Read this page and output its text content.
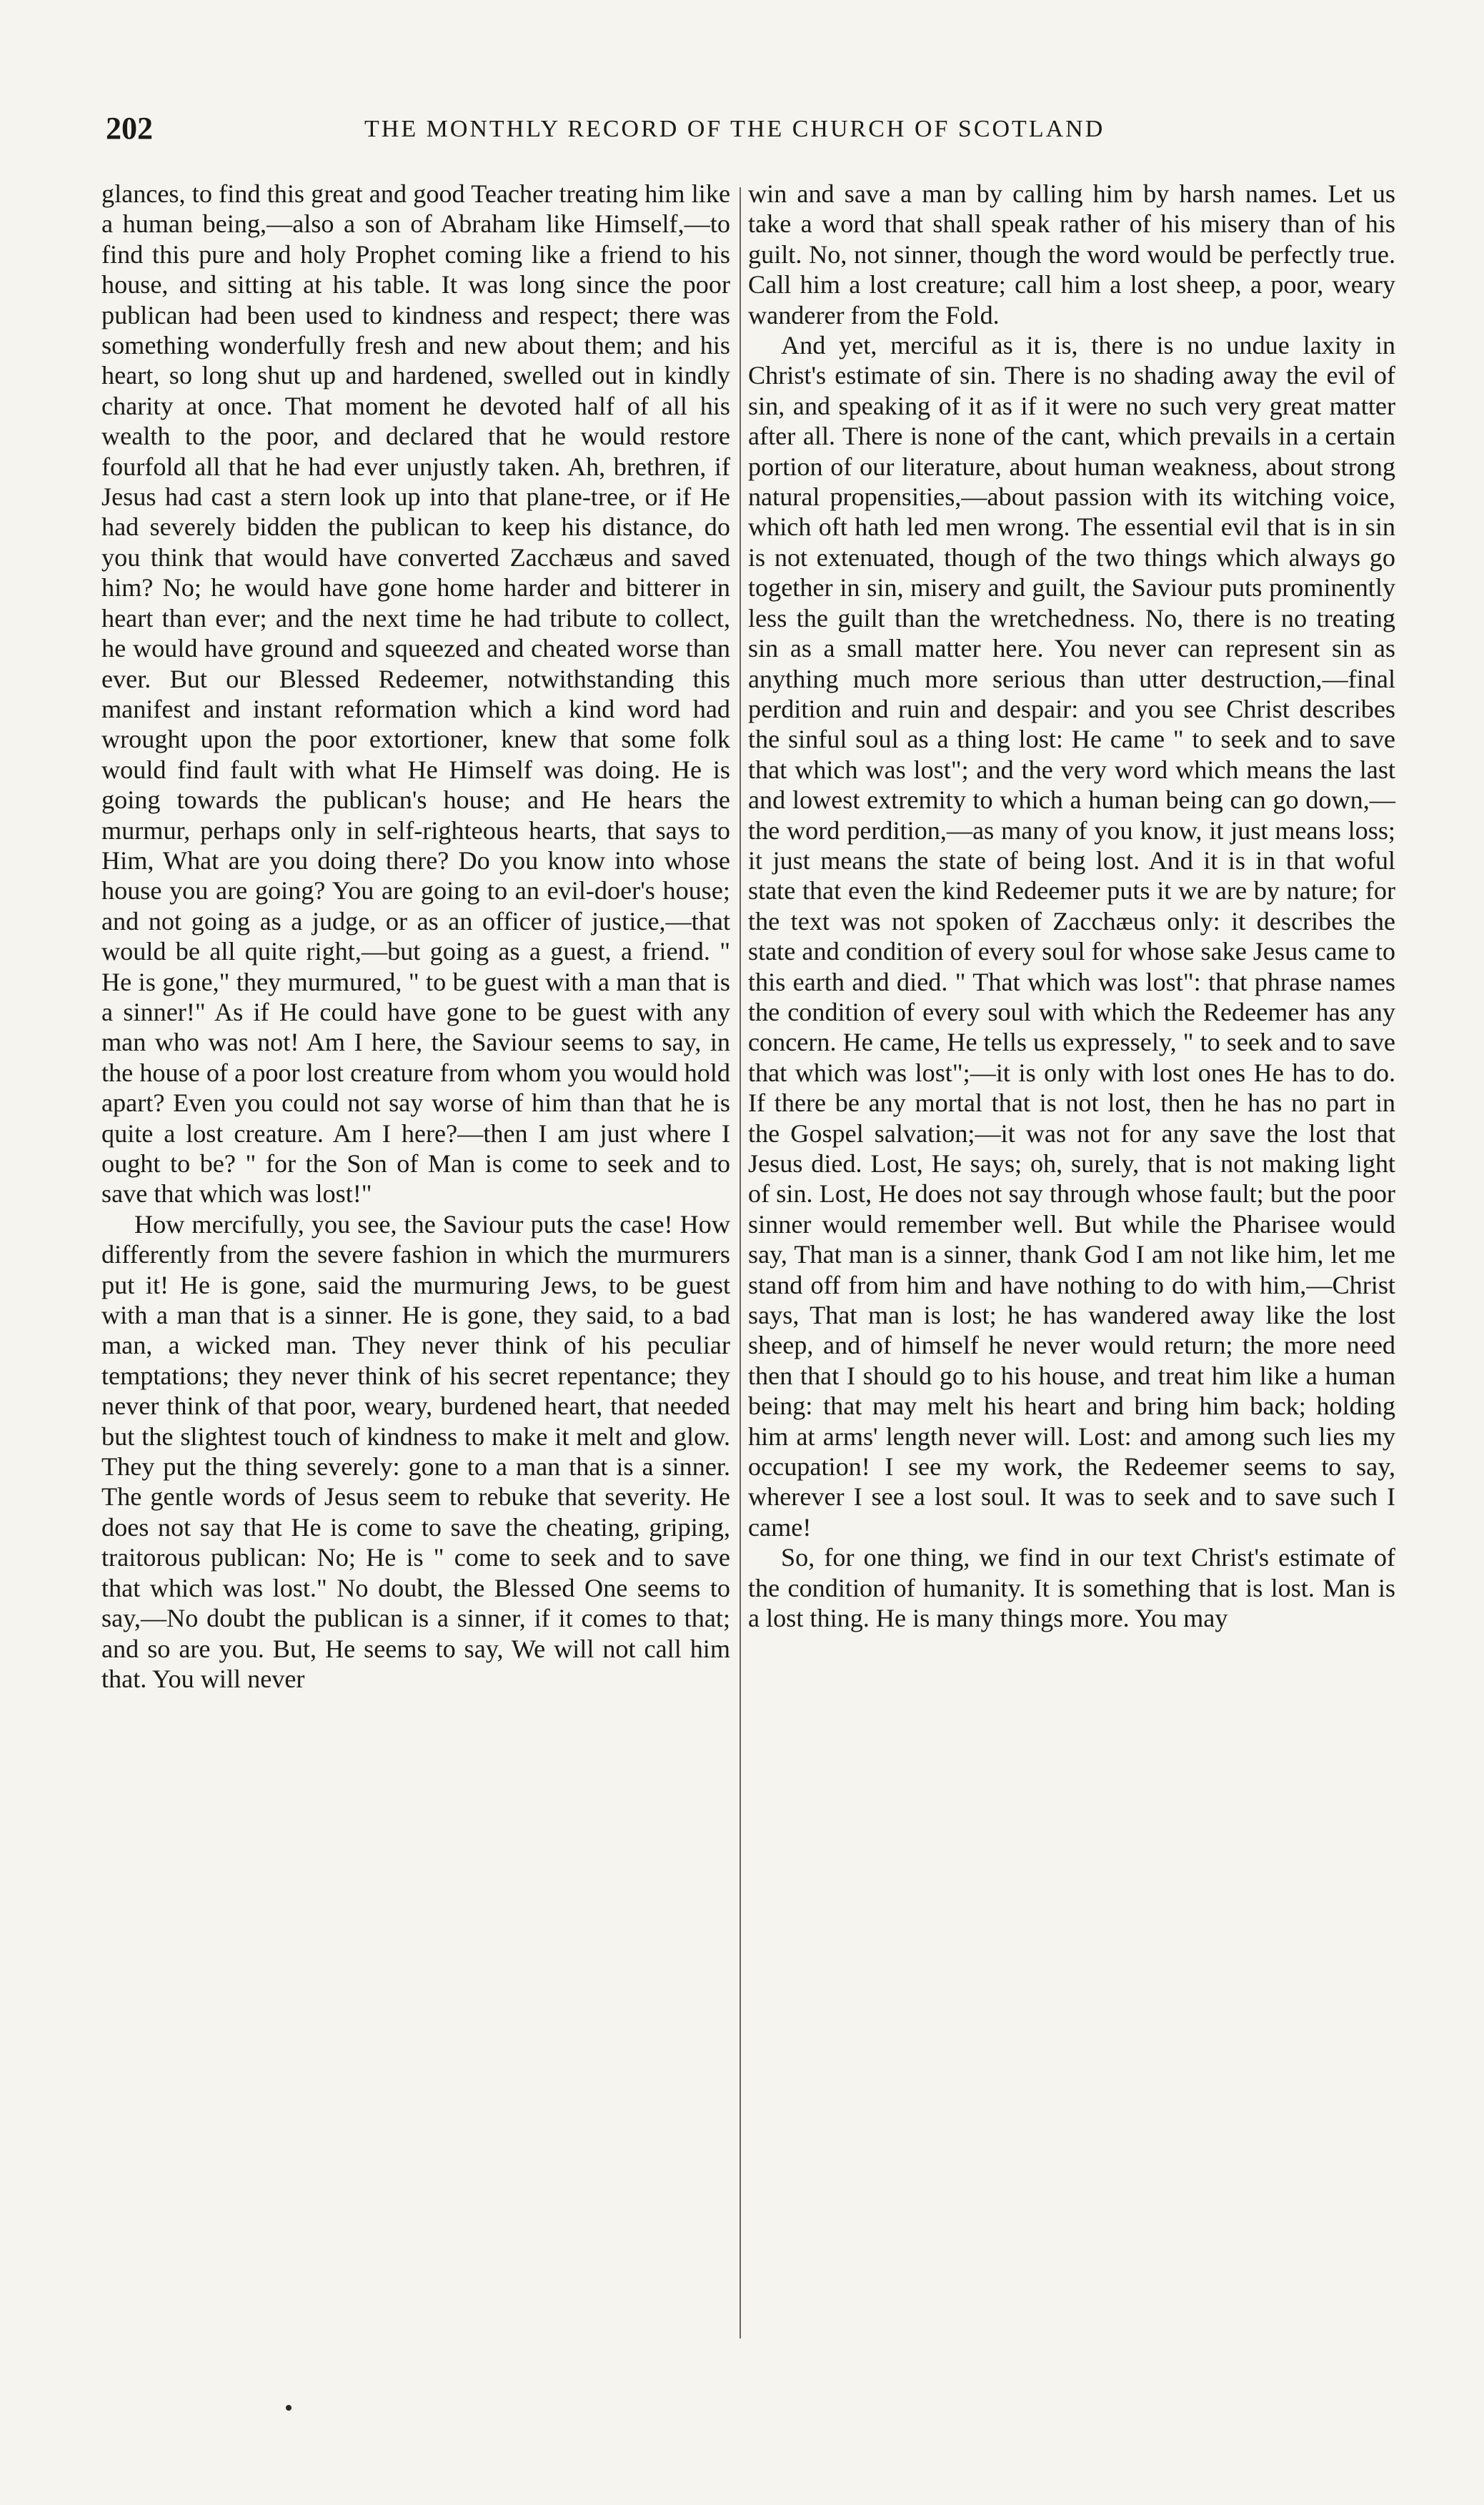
202	THE MONTHLY RECORD OF THE CHURCH OF SCOTLAND

glances, to find this great and good Teacher treating him like a human being,—also a son of Abraham like Himself,—to find this pure and holy Prophet coming like a friend to his house, and sitting at his table. It was long since the poor publican had been used to kindness and respect; there was something wonderfully fresh and new about them; and his heart, so long shut up and hardened, swelled out in kindly charity at once. That moment he devoted half of all his wealth to the poor, and declared that he would restore fourfold all that he had ever unjustly taken. Ah, brethren, if Jesus had cast a stern look up into that plane-tree, or if He had severely bidden the publican to keep his distance, do you think that would have converted Zacchæus and saved him? No; he would have gone home harder and bitterer in heart than ever; and the next time he had tribute to collect, he would have ground and squeezed and cheated worse than ever. But our Blessed Redeemer, notwithstanding this manifest and instant reformation which a kind word had wrought upon the poor extortioner, knew that some folk would find fault with what He Himself was doing. He is going towards the publican's house; and He hears the murmur, perhaps only in self-righteous hearts, that says to Him, What are you doing there? Do you know into whose house you are going? You are going to an evil-doer's house; and not going as a judge, or as an officer of justice,—that would be all quite right,—but going as a guest, a friend. " He is gone," they murmured, " to be guest with a man that is a sinner!" As if He could have gone to be guest with any man who was not! Am I here, the Saviour seems to say, in the house of a poor lost creature from whom you would hold apart? Even you could not say worse of him than that he is quite a lost creature. Am I here?—then I am just where I ought to be? " for the Son of Man is come to seek and to save that which was lost!"

How mercifully, you see, the Saviour puts the case! How differently from the severe fashion in which the murmurers put it! He is gone, said the murmuring Jews, to be guest with a man that is a sinner. He is gone, they said, to a bad man, a wicked man. They never think of his peculiar temptations; they never think of his secret repentance; they never think of that poor, weary, burdened heart, that needed but the slightest touch of kindness to make it melt and glow. They put the thing severely: gone to a man that is a sinner. The gentle words of Jesus seem to rebuke that severity. He does not say that He is come to save the cheating, griping, traitorous publican: No; He is " come to seek and to save that which was lost." No doubt, the Blessed One seems to say,—No doubt the publican is a sinner, if it comes to that; and so are you. But, He seems to say, We will not call him that. You will never

win and save a man by calling him by harsh names. Let us take a word that shall speak rather of his misery than of his guilt. No, not sinner, though the word would be perfectly true. Call him a lost creature; call him a lost sheep, a poor, weary wanderer from the Fold.

And yet, merciful as it is, there is no undue laxity in Christ's estimate of sin. There is no shading away the evil of sin, and speaking of it as if it were no such very great matter after all. There is none of the cant, which prevails in a certain portion of our literature, about human weakness, about strong natural propensities,—about passion with its witching voice, which oft hath led men wrong. The essential evil that is in sin is not extenuated, though of the two things which always go together in sin, misery and guilt, the Saviour puts prominently less the guilt than the wretchedness. No, there is no treating sin as a small matter here. You never can represent sin as anything much more serious than utter destruction,—final perdition and ruin and despair: and you see Christ describes the sinful soul as a thing lost: He came " to seek and to save that which was lost"; and the very word which means the last and lowest extremity to which a human being can go down,—the word perdition,—as many of you know, it just means loss; it just means the state of being lost. And it is in that woful state that even the kind Redeemer puts it we are by nature; for the text was not spoken of Zacchæus only: it describes the state and condition of every soul for whose sake Jesus came to this earth and died. " That which was lost": that phrase names the condition of every soul with which the Redeemer has any concern. He came, He tells us expressely, " to seek and to save that which was lost";—it is only with lost ones He has to do. If there be any mortal that is not lost, then he has no part in the Gospel salvation;—it was not for any save the lost that Jesus died. Lost, He says; oh, surely, that is not making light of sin. Lost, He does not say through whose fault; but the poor sinner would remember well. But while the Pharisee would say, That man is a sinner, thank God I am not like him, let me stand off from him and have nothing to do with him,—Christ says, That man is lost; he has wandered away like the lost sheep, and of himself he never would return; the more need then that I should go to his house, and treat him like a human being: that may melt his heart and bring him back; holding him at arms' length never will. Lost: and among such lies my occupation! I see my work, the Redeemer seems to say, wherever I see a lost soul. It was to seek and to save such I came!

So, for one thing, we find in our text Christ's estimate of the condition of humanity. It is something that is lost. Man is a lost thing. He is many things more. You may
